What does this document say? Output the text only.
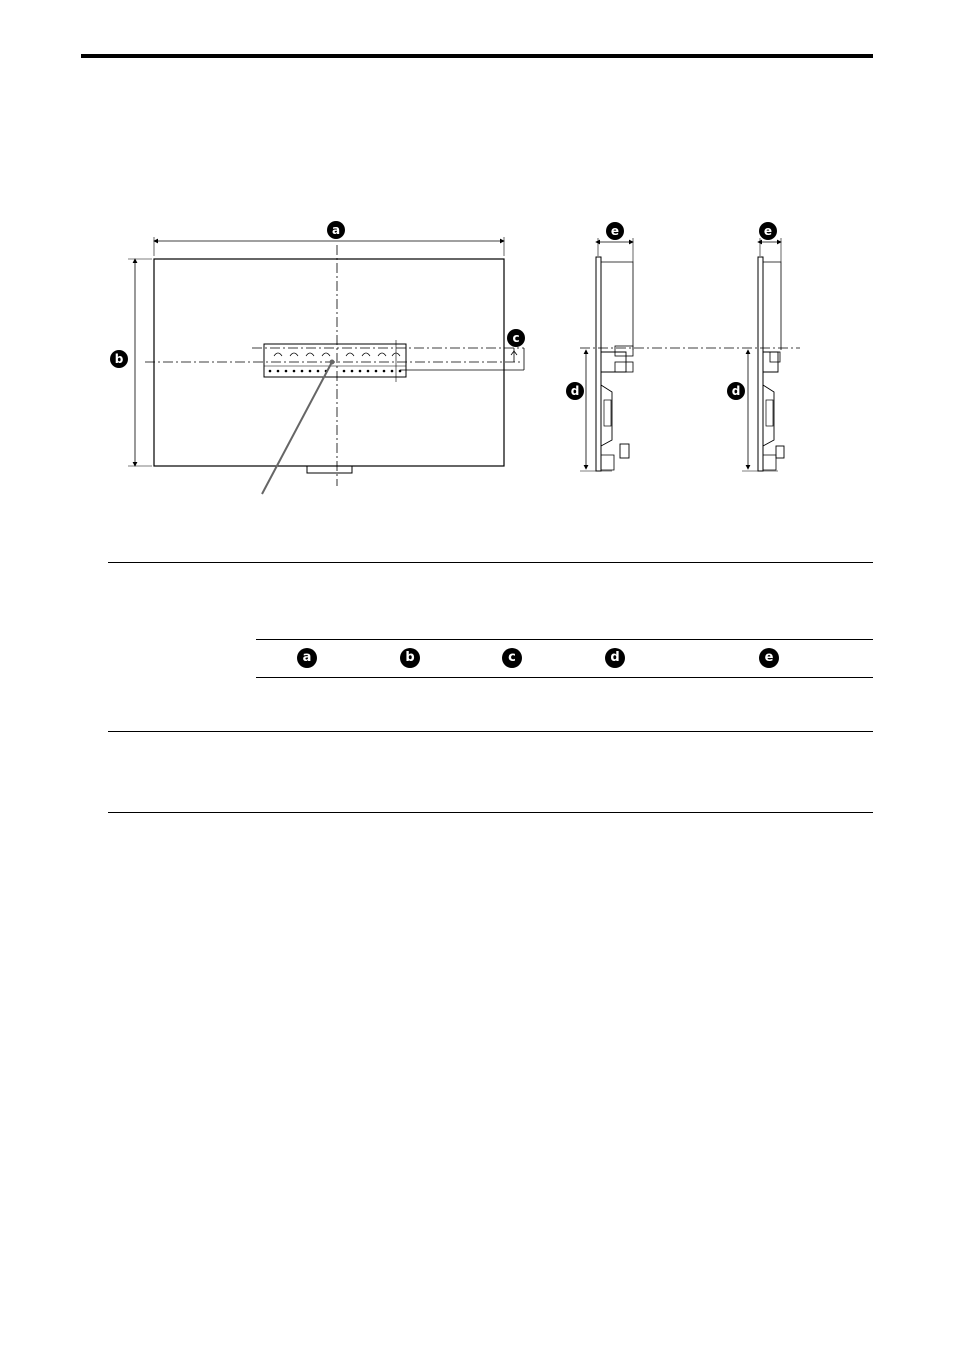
a
b
c
d	d
e	e
a	b	c	d	e
